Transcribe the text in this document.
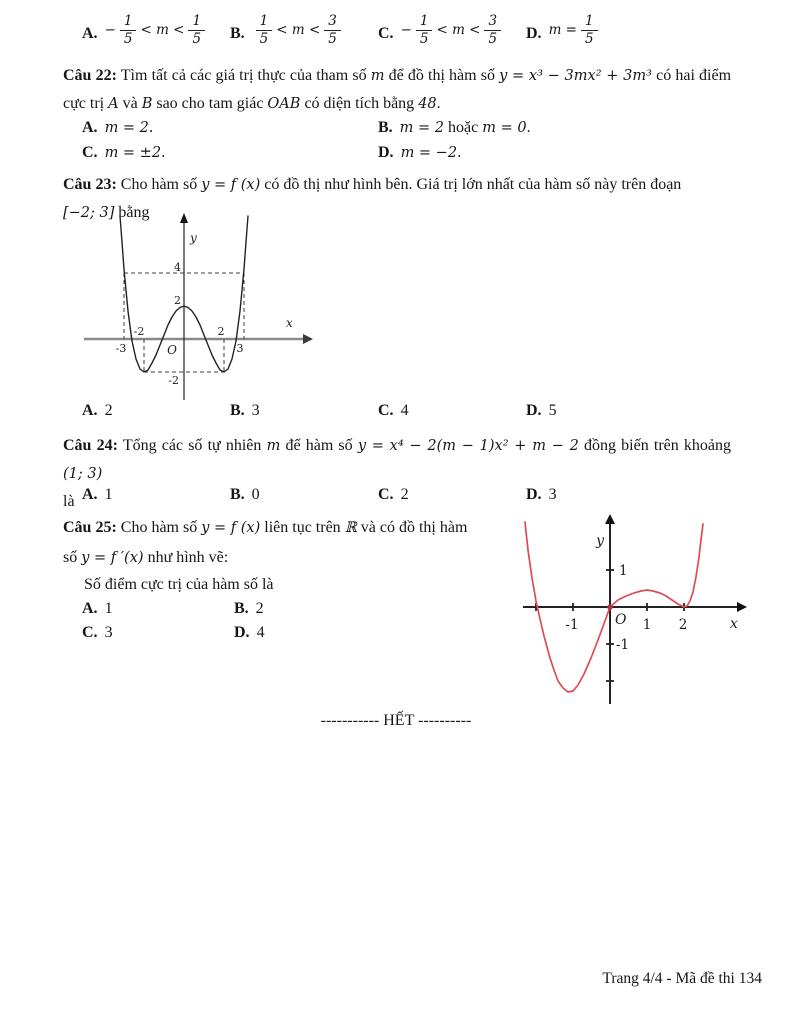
A. − $\frac{1}{5} < m < \frac{1}{5} B$. $\frac{1}{5} < m < \frac{3}{5} C$. − $\frac{1}{5} < m < \frac{3}{5} D$. $m = \frac{1}{5}$
Câu 22: Tìm tất cả các giá trị thực của tham số m để đồ thị hàm số y = x³ − 3mx² + 3m³ có hai điểm cực trị A và B sao cho tam giác OAB có diện tích bằng 48.
A. m = 2.	B. m = 2
hoặc
m = 0 .
C. m = ±2.	D. m = −2.
Câu 23: Cho hàm số y = f (x) có đồ thị như hình bên. Giá trị lớn nhất của hàm số này trên đoạn
[−2; 3] bằng
y
x
4
2
-2
-3
-2	2
3
O
A. 2	B. 3	C. 4	D. 5
Câu 24: Tổng các số tự nhiên m để hàm số y = x⁴ − 2(m − 1)x² + m − 2 đồng biến trên khoảng (1; 3)
là A. 1	B. 0	C. 2	D. 3
Câu 25: Cho hàm số y = f (x) liên tục trên ℝ và có đồ thị hàm
số y = f ′(x) như hình vẽ:
Số điểm cực trị của hàm số là
A. 1	B. 2
C. 3	D. 4
y
x
O
-1	1 2
1
-1
----------- HẾT ----------
Trang 4/4 - Mã đề thi 134
